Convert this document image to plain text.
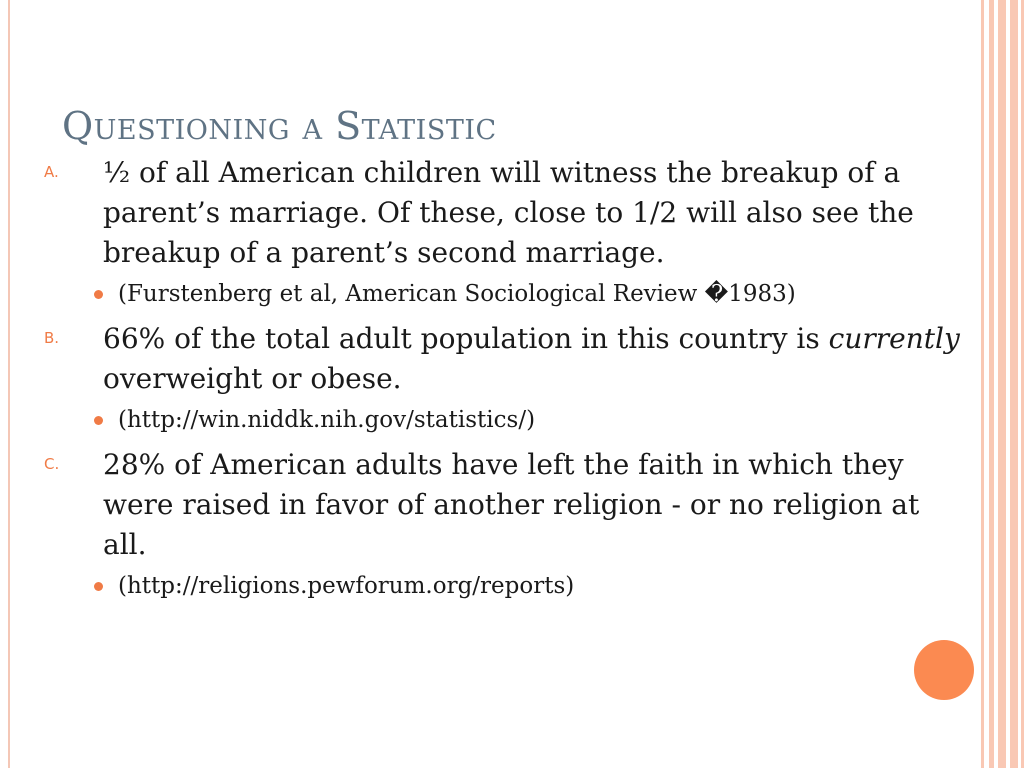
Questioning a Statistic
A. ½ of all American children will witness the breakup of a parent’s marriage. Of these, close to 1/2 will also see the breakup of a parent’s second marriage.
(Furstenberg et al, American Sociological Review �1983)
B. 66% of the total adult population in this country is currently overweight or obese.
(http://win.niddk.nih.gov/statistics/)
C. 28% of American adults have left the faith in which they were raised in favor of another religion - or no religion at all.
(http://religions.pewforum.org/reports)
